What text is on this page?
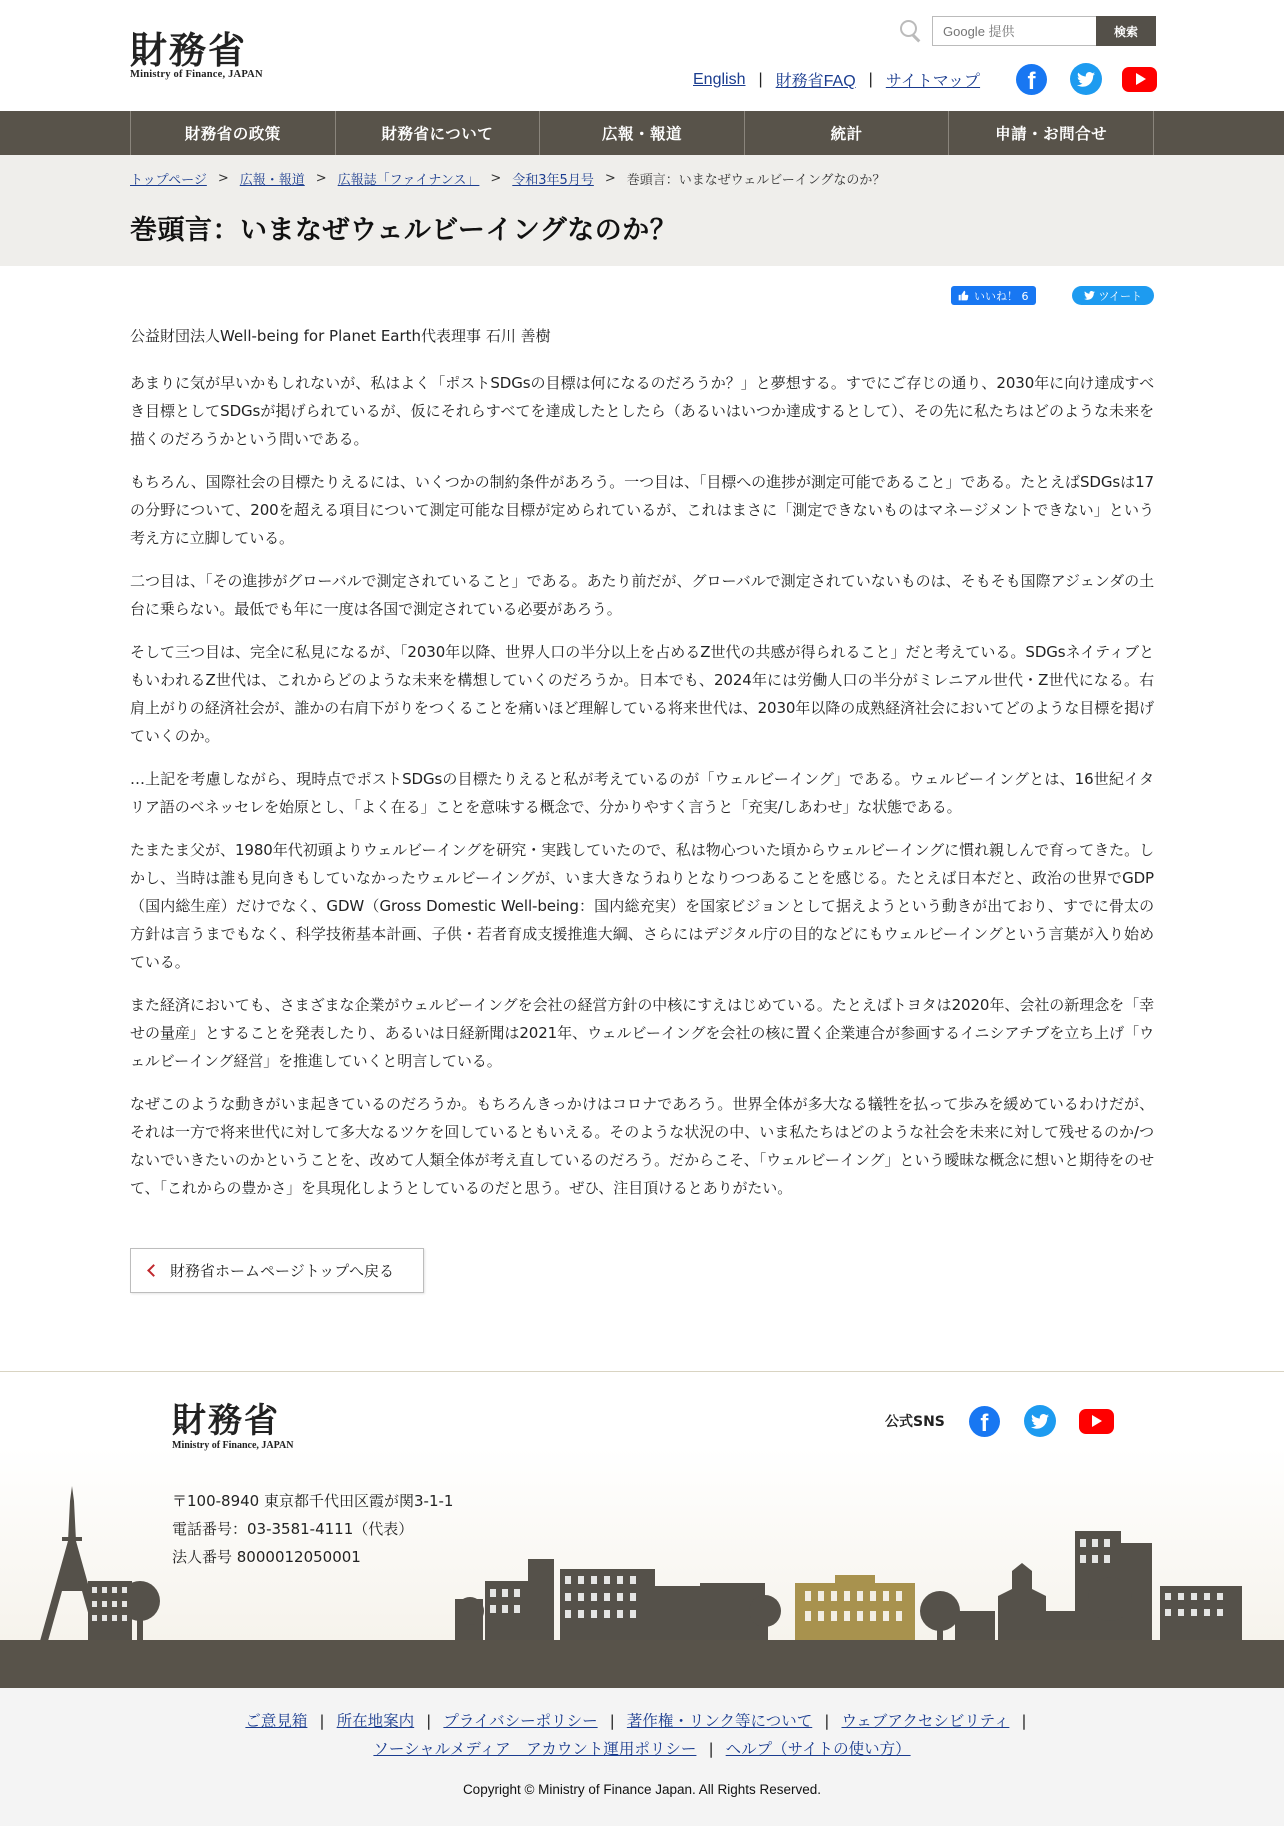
財務省
Ministry of Finance, JAPAN
Google 提供
検索
English | 財務省FAQ | サイトマップ	f
財務省の政策	財務省について	広報・報道	統計	申請・お問合せ
トップページ > 広報・報道 > 広報誌「ファイナンス」 > 令和3年5月号 > 巻頭言：いまなぜウェルビーイングなのか？
巻頭言：いまなぜウェルビーイングなのか？
いいね！ 6	ツイート

公益財団法人Well-being for Planet Earth代表理事 石川 善樹

あまりに気が早いかもしれないが、私はよく「ポストSDGsの目標は何になるのだろうか？」と夢想する。すでにご存じの通り、2030年に向け達成すべき目標としてSDGsが掲げられているが、仮にそれらすべてを達成したとしたら（あるいはいつか達成するとして）、その先に私たちはどのような未来を描くのだろうかという問いである。

もちろん、国際社会の目標たりえるには、いくつかの制約条件があろう。一つ目は、「目標への進捗が測定可能であること」である。たとえばSDGsは17の分野について、200を超える項目について測定可能な目標が定められているが、これはまさに「測定できないものはマネージメントできない」という考え方に立脚している。

二つ目は、「その進捗がグローバルで測定されていること」である。あたり前だが、グローバルで測定されていないものは、そもそも国際アジェンダの土台に乗らない。最低でも年に一度は各国で測定されている必要があろう。

そして三つ目は、完全に私見になるが、「2030年以降、世界人口の半分以上を占めるZ世代の共感が得られること」だと考えている。SDGsネイティブともいわれるZ世代は、これからどのような未来を構想していくのだろうか。日本でも、2024年には労働人口の半分がミレニアル世代・Z世代になる。右肩上がりの経済社会が、誰かの右肩下がりをつくることを痛いほど理解している将来世代は、2030年以降の成熟経済社会においてどのような目標を掲げていくのか。

…上記を考慮しながら、現時点でポストSDGsの目標たりえると私が考えているのが「ウェルビーイング」である。ウェルビーイングとは、16世紀イタリア語のベネッセレを始原とし、「よく在る」ことを意味する概念で、分かりやすく言うと「充実/しあわせ」な状態である。

たまたま父が、1980年代初頭よりウェルビーイングを研究・実践していたので、私は物心ついた頃からウェルビーイングに慣れ親しんで育ってきた。しかし、当時は誰も見向きもしていなかったウェルビーイングが、いま大きなうねりとなりつつあることを感じる。たとえば日本だと、政治の世界でGDP（国内総生産）だけでなく、GDW（Gross Domestic Well-being：国内総充実）を国家ビジョンとして据えようという動きが出ており、すでに骨太の方針は言うまでもなく、科学技術基本計画、子供・若者育成支援推進大綱、さらにはデジタル庁の目的などにもウェルビーイングという言葉が入り始めている。

また経済においても、さまざまな企業がウェルビーイングを会社の経営方針の中核にすえはじめている。たとえばトヨタは2020年、会社の新理念を「幸せの量産」とすることを発表したり、あるいは日経新聞は2021年、ウェルビーイングを会社の核に置く企業連合が参画するイニシアチブを立ち上げ「ウェルビーイング経営」を推進していくと明言している。

なぜこのような動きがいま起きているのだろうか。もちろんきっかけはコロナであろう。世界全体が多大なる犠牲を払って歩みを緩めているわけだが、それは一方で将来世代に対して多大なるツケを回しているともいえる。そのような状況の中、いま私たちはどのような社会を未来に対して残せるのか/つないでいきたいのかということを、改めて人類全体が考え直しているのだろう。だからこそ、「ウェルビーイング」という曖昧な概念に想いと期待をのせて、「これからの豊かさ」を具現化しようとしているのだと思う。ぜひ、注目頂けるとありがたい。

財務省ホームページトップへ戻る
財務省
Ministry of Finance, JAPAN
公式SNS	f
〒100-8940 東京都千代田区霞が関3-1-1
電話番号：03-3581-4111（代表）
法人番号 8000012050001
ご意見箱 | 所在地案内 | プライバシーポリシー | 著作権・リンク等について | ウェブアクセシビリティ |
ソーシャルメディア　アカウント運用ポリシー | ヘルプ（サイトの使い方）
Copyright © Ministry of Finance Japan. All Rights Reserved.
